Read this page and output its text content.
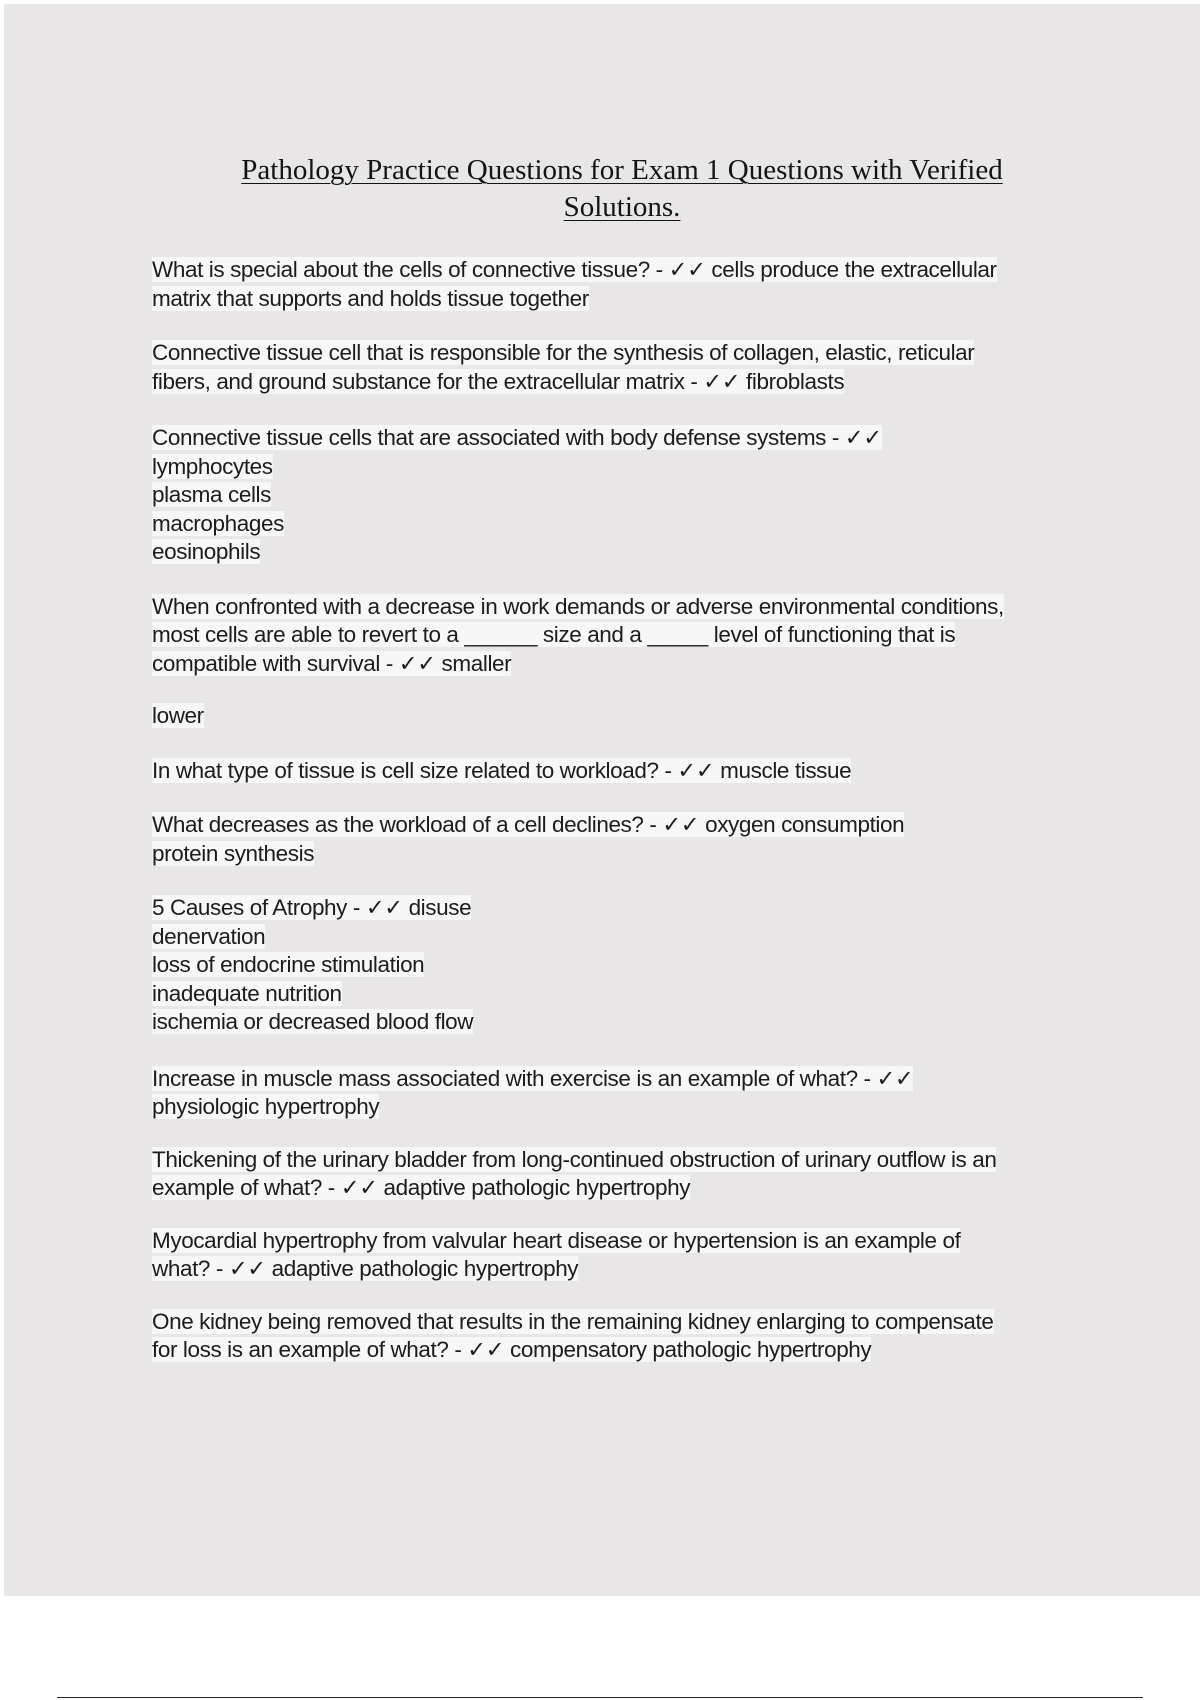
Pathology Practice Questions for Exam 1 Questions with Verified
Solutions.
What is special about the cells of connective tissue? - ✓✓ cells produce the extracellular
matrix that supports and holds tissue together
Connective tissue cell that is responsible for the synthesis of collagen, elastic, reticular
fibers, and ground substance for the extracellular matrix - ✓✓ fibroblasts
Connective tissue cells that are associated with body defense systems - ✓✓
lymphocytes
plasma cells
macrophages
eosinophils
When confronted with a decrease in work demands or adverse environmental conditions,
most cells are able to revert to a ______ size and a _____ level of functioning that is
compatible with survival - ✓✓ smaller
lower
In what type of tissue is cell size related to workload? - ✓✓ muscle tissue
What decreases as the workload of a cell declines? - ✓✓ oxygen consumption
protein synthesis
5 Causes of Atrophy - ✓✓ disuse
denervation
loss of endocrine stimulation
inadequate nutrition
ischemia or decreased blood flow
Increase in muscle mass associated with exercise is an example of what? - ✓✓
physiologic hypertrophy
Thickening of the urinary bladder from long-continued obstruction of urinary outflow is an
example of what? - ✓✓ adaptive pathologic hypertrophy
Myocardial hypertrophy from valvular heart disease or hypertension is an example of
what? - ✓✓ adaptive pathologic hypertrophy
One kidney being removed that results in the remaining kidney enlarging to compensate
for loss is an example of what? - ✓✓ compensatory pathologic hypertrophy
